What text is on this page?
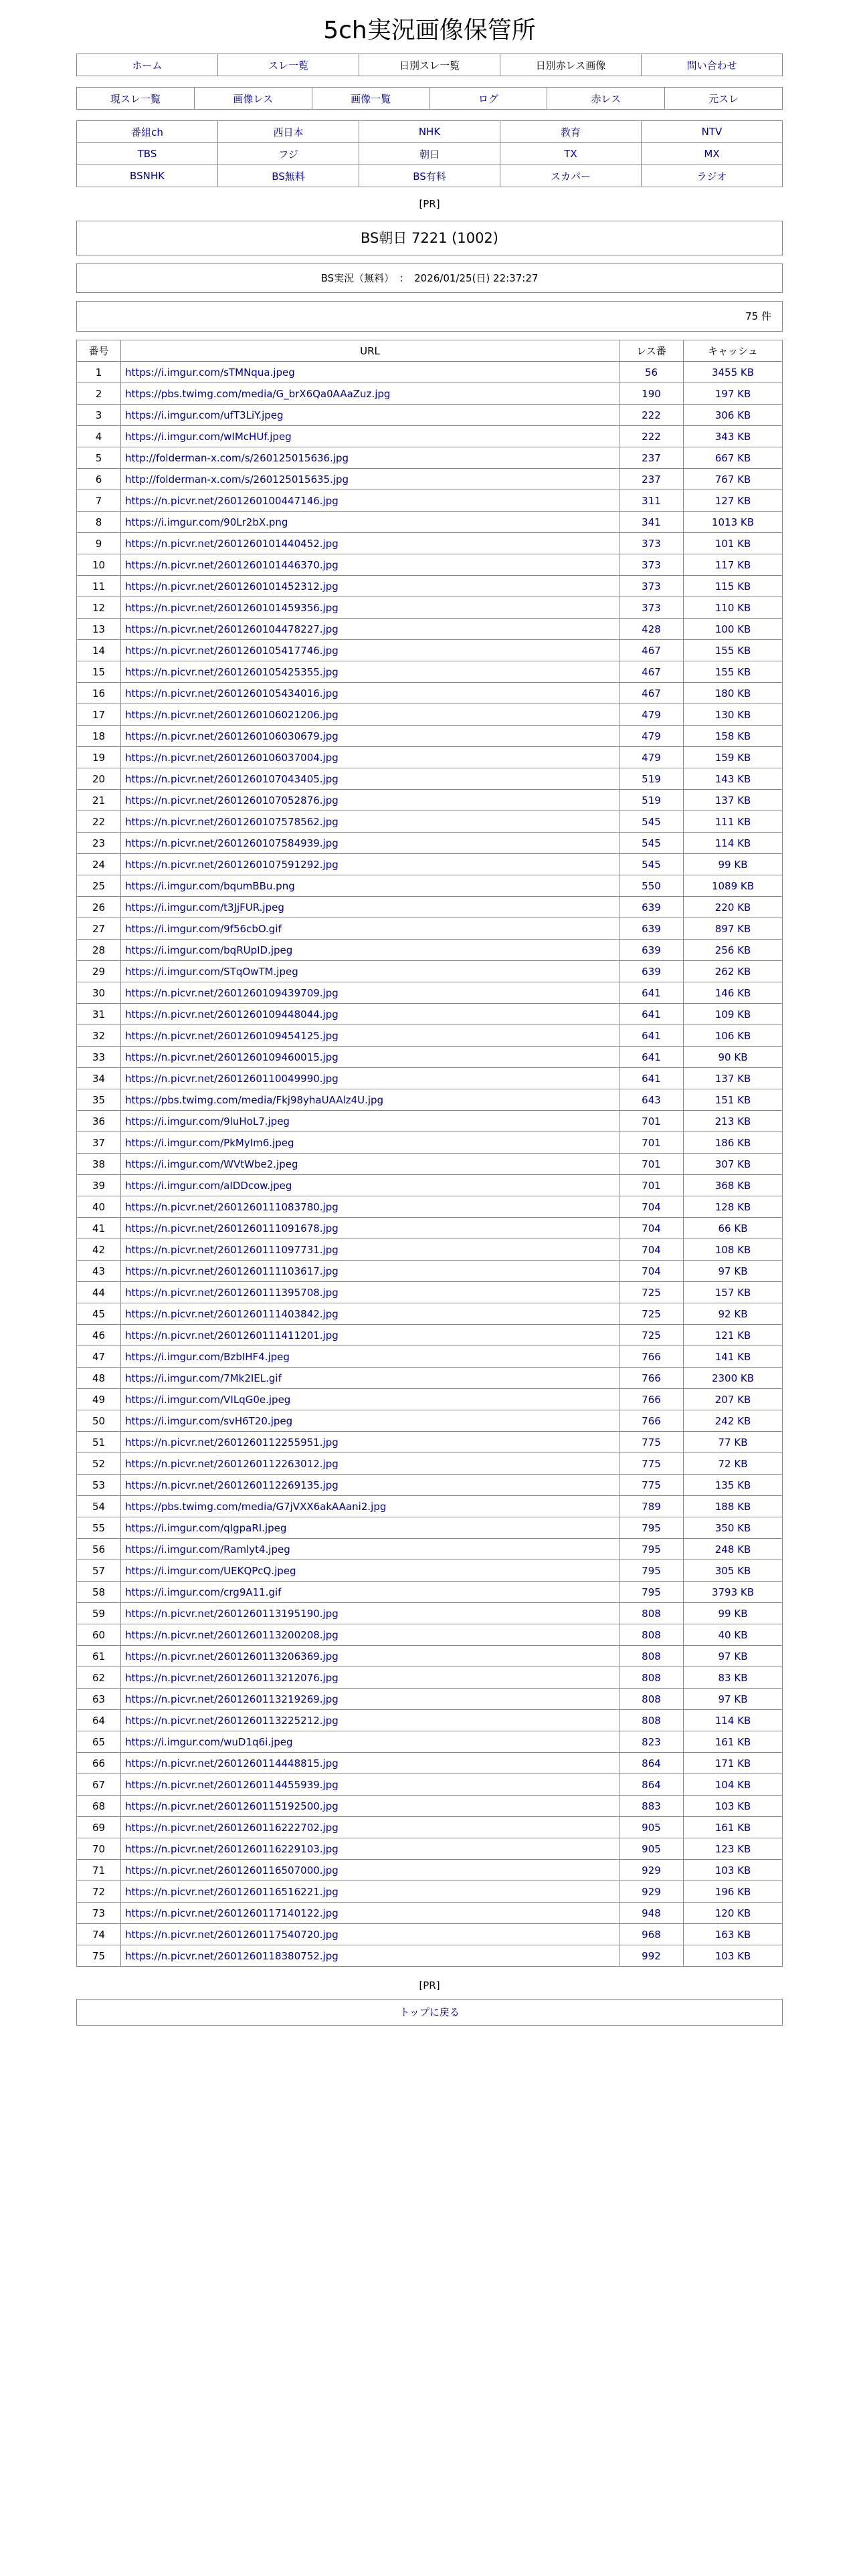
5ch実況画像保管所
ホーム	スレ一覧	日別スレ一覧	日別赤レス画像	問い合わせ
現スレ一覧	画像レス	画像一覧	ログ	赤レス	元スレ
番組ch	西日本	NHK	教育	NTV
TBS	フジ	朝日	TX	MX
BSNHK	BS無料	BS有料	スカパー	ラジオ
[PR]
BS朝日 7221 (1002)
BS実況（無料）　：　2026/01/25(日) 22:37:27
75 件
番号	URL	レス番	キャッシュ
1	https://i.imgur.com/sTMNqua.jpeg	56	3455 KB
2	https://pbs.twimg.com/media/G_brX6Qa0AAaZuz.jpg	190	197 KB
3	https://i.imgur.com/ufT3LiY.jpeg	222	306 KB
4	https://i.imgur.com/wIMcHUf.jpeg	222	343 KB
5	http://folderman-x.com/s/260125015636.jpg	237	667 KB
6	http://folderman-x.com/s/260125015635.jpg	237	767 KB
7	https://n.picvr.net/2601260100447146.jpg	311	127 KB
8	https://i.imgur.com/90Lr2bX.png	341	1013 KB
9	https://n.picvr.net/2601260101440452.jpg	373	101 KB
10	https://n.picvr.net/2601260101446370.jpg	373	117 KB
11	https://n.picvr.net/2601260101452312.jpg	373	115 KB
12	https://n.picvr.net/2601260101459356.jpg	373	110 KB
13	https://n.picvr.net/2601260104478227.jpg	428	100 KB
14	https://n.picvr.net/2601260105417746.jpg	467	155 KB
15	https://n.picvr.net/2601260105425355.jpg	467	155 KB
16	https://n.picvr.net/2601260105434016.jpg	467	180 KB
17	https://n.picvr.net/2601260106021206.jpg	479	130 KB
18	https://n.picvr.net/2601260106030679.jpg	479	158 KB
19	https://n.picvr.net/2601260106037004.jpg	479	159 KB
20	https://n.picvr.net/2601260107043405.jpg	519	143 KB
21	https://n.picvr.net/2601260107052876.jpg	519	137 KB
22	https://n.picvr.net/2601260107578562.jpg	545	111 KB
23	https://n.picvr.net/2601260107584939.jpg	545	114 KB
24	https://n.picvr.net/2601260107591292.jpg	545	99 KB
25	https://i.imgur.com/bqumBBu.png	550	1089 KB
26	https://i.imgur.com/t3JjFUR.jpeg	639	220 KB
27	https://i.imgur.com/9f56cbO.gif	639	897 KB
28	https://i.imgur.com/bqRUpID.jpeg	639	256 KB
29	https://i.imgur.com/STqOwTM.jpeg	639	262 KB
30	https://n.picvr.net/2601260109439709.jpg	641	146 KB
31	https://n.picvr.net/2601260109448044.jpg	641	109 KB
32	https://n.picvr.net/2601260109454125.jpg	641	106 KB
33	https://n.picvr.net/2601260109460015.jpg	641	90 KB
34	https://n.picvr.net/2601260110049990.jpg	641	137 KB
35	https://pbs.twimg.com/media/Fkj98yhaUAAlz4U.jpg	643	151 KB
36	https://i.imgur.com/9luHoL7.jpeg	701	213 KB
37	https://i.imgur.com/PkMyIm6.jpeg	701	186 KB
38	https://i.imgur.com/WVtWbe2.jpeg	701	307 KB
39	https://i.imgur.com/aIDDcow.jpeg	701	368 KB
40	https://n.picvr.net/2601260111083780.jpg	704	128 KB
41	https://n.picvr.net/2601260111091678.jpg	704	66 KB
42	https://n.picvr.net/2601260111097731.jpg	704	108 KB
43	https://n.picvr.net/2601260111103617.jpg	704	97 KB
44	https://n.picvr.net/2601260111395708.jpg	725	157 KB
45	https://n.picvr.net/2601260111403842.jpg	725	92 KB
46	https://n.picvr.net/2601260111411201.jpg	725	121 KB
47	https://i.imgur.com/BzbIHF4.jpeg	766	141 KB
48	https://i.imgur.com/7Mk2IEL.gif	766	2300 KB
49	https://i.imgur.com/VILqG0e.jpeg	766	207 KB
50	https://i.imgur.com/svH6T20.jpeg	766	242 KB
51	https://n.picvr.net/2601260112255951.jpg	775	77 KB
52	https://n.picvr.net/2601260112263012.jpg	775	72 KB
53	https://n.picvr.net/2601260112269135.jpg	775	135 KB
54	https://pbs.twimg.com/media/G7jVXX6akAAani2.jpg	789	188 KB
55	https://i.imgur.com/qIgpaRI.jpeg	795	350 KB
56	https://i.imgur.com/Ramlyt4.jpeg	795	248 KB
57	https://i.imgur.com/UEKQPcQ.jpeg	795	305 KB
58	https://i.imgur.com/crg9A11.gif	795	3793 KB
59	https://n.picvr.net/2601260113195190.jpg	808	99 KB
60	https://n.picvr.net/2601260113200208.jpg	808	40 KB
61	https://n.picvr.net/2601260113206369.jpg	808	97 KB
62	https://n.picvr.net/2601260113212076.jpg	808	83 KB
63	https://n.picvr.net/2601260113219269.jpg	808	97 KB
64	https://n.picvr.net/2601260113225212.jpg	808	114 KB
65	https://i.imgur.com/wuD1q6i.jpeg	823	161 KB
66	https://n.picvr.net/2601260114448815.jpg	864	171 KB
67	https://n.picvr.net/2601260114455939.jpg	864	104 KB
68	https://n.picvr.net/2601260115192500.jpg	883	103 KB
69	https://n.picvr.net/2601260116222702.jpg	905	161 KB
70	https://n.picvr.net/2601260116229103.jpg	905	123 KB
71	https://n.picvr.net/2601260116507000.jpg	929	103 KB
72	https://n.picvr.net/2601260116516221.jpg	929	196 KB
73	https://n.picvr.net/2601260117140122.jpg	948	120 KB
74	https://n.picvr.net/2601260117540720.jpg	968	163 KB
75	https://n.picvr.net/2601260118380752.jpg	992	103 KB
[PR]
トップに戻る
